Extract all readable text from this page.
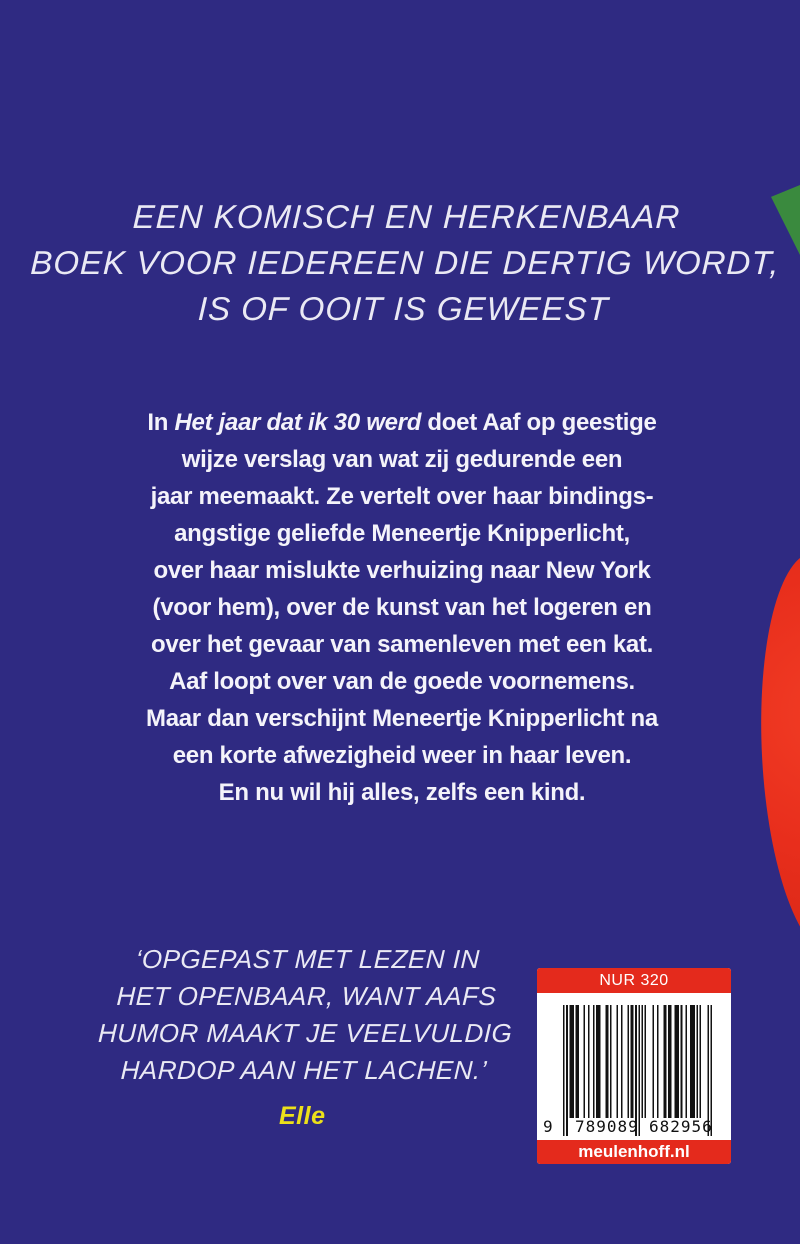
EEN KOMISCH EN HERKENBAAR
BOEK VOOR IEDEREEN DIE DERTIG WORDT,
IS OF OOIT IS GEWEEST
In Het jaar dat ik 30 werd doet Aaf op geestige
wijze verslag van wat zij gedurende een
jaar meemaakt. Ze vertelt over haar bindings-
angstige geliefde Meneertje Knipperlicht,
over haar mislukte verhuizing naar New York
(voor hem), over de kunst van het logeren en
over het gevaar van samenleven met een kat.
Aaf loopt over van de goede voornemens.
Maar dan verschijnt Meneertje Knipperlicht na
een korte afwezigheid weer in haar leven.
En nu wil hij alles, zelfs een kind.
‘OPGEPAST MET LEZEN IN
HET OPENBAAR, WANT AAFS
HUMOR MAAKT JE VEELVULDIG
HARDOP AAN HET LACHEN.’
Elle
NUR 320
9 789089 682956
meulenhoff.nl
